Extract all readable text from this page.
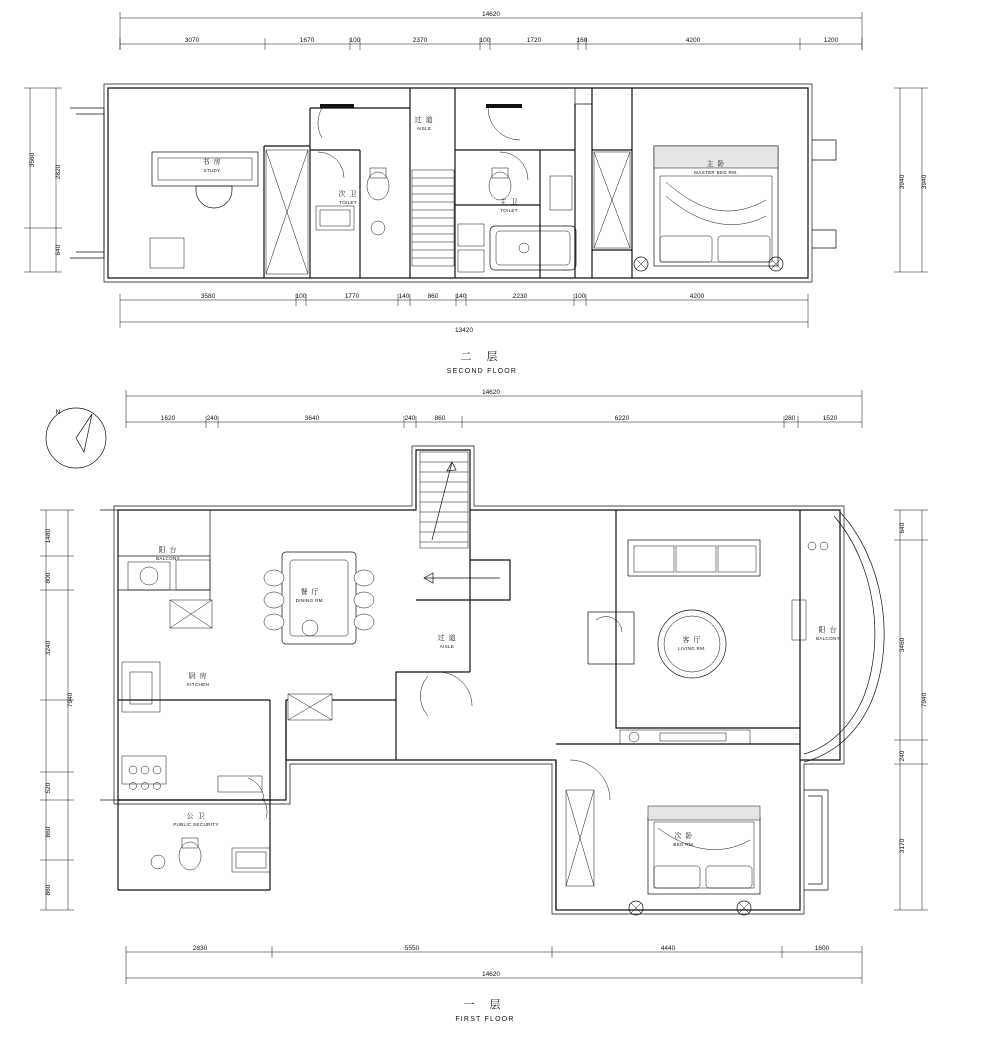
14620
3070	1670	100	2370	100	1720	160	4200	1200
3560
2820
640
3940 3940
书 房
STUDY
过 道
AISLE
次 卫
TOILET	主 卫
TOILET
主 卧
MASTER BED RM.
3580	100	1770	140	860	140	2230	100	4200
13420
二 层
SECOND FLOOR
N
14620
1620	240	3640	240	860	6220	280	1520
1480
800
3240
7940
520
860
860
640
3460
7940
240
3170
阳 台
BALCONY
餐 厅
DINING RM.
厨 房
KITCHEN
公 卫
PUBLIC SECURITY
过 道
AISLE
客 厅
LIVING RM.
阳 台
BALCONY
次 卧
BED RM.
2830	5550	4440	1600
14620
一 层
FIRST FLOOR
